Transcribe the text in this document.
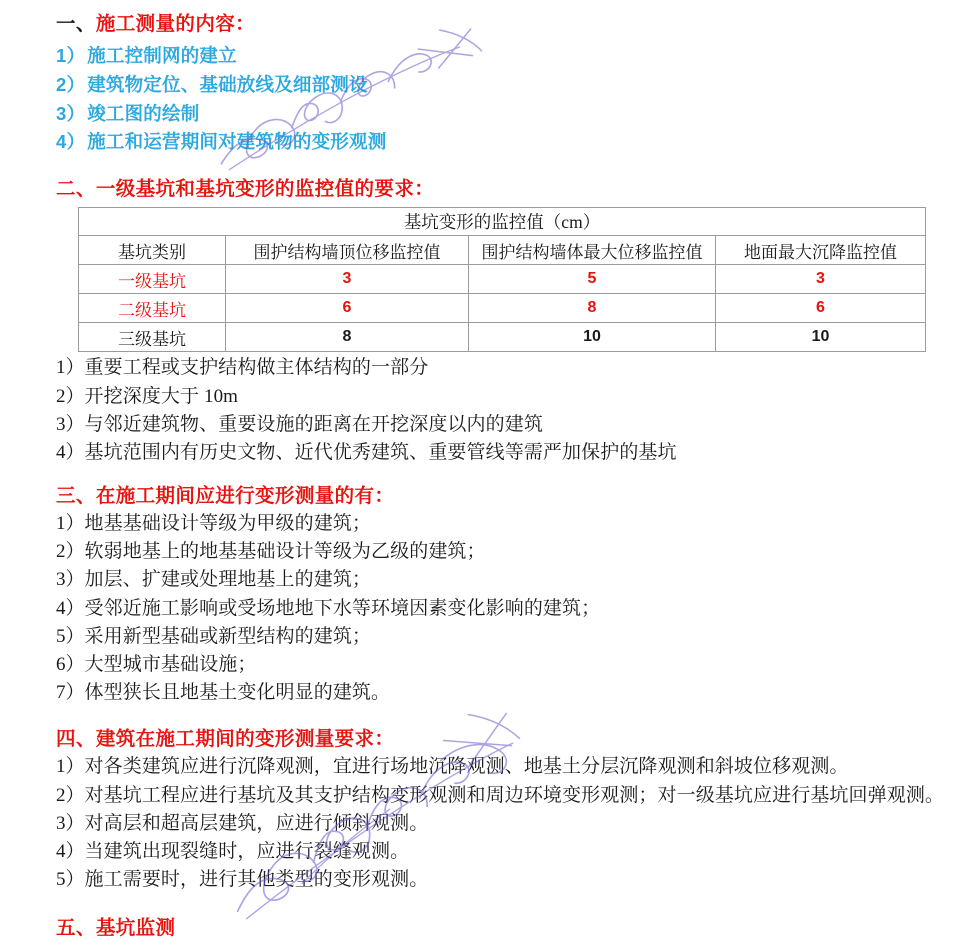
一、施工测量的内容：
1） 施工控制网的建立
2） 建筑物定位、基础放线及细部测设
3） 竣工图的绘制
4） 施工和运营期间对建筑物的变形观测
二、一级基坑和基坑变形的监控值的要求：
基坑变形的监控值（cm）			
基坑类别	围护结构墙顶位移监控值	围护结构墙体最大位移监控值	地面最大沉降监控值
一级基坑	3	5	3
二级基坑	6	8	6
三级基坑	8	10	10
1）重要工程或支护结构做主体结构的一部分
2）开挖深度大于 10m
3）与邻近建筑物、重要设施的距离在开挖深度以内的建筑
4）基坑范围内有历史文物、近代优秀建筑、重要管线等需严加保护的基坑
三、在施工期间应进行变形测量的有：
1）地基基础设计等级为甲级的建筑；
2）软弱地基上的地基基础设计等级为乙级的建筑；
3）加层、扩建或处理地基上的建筑；
4）受邻近施工影响或受场地地下水等环境因素变化影响的建筑；
5）采用新型基础或新型结构的建筑；
6）大型城市基础设施；
7）体型狭长且地基土变化明显的建筑。
四、建筑在施工期间的变形测量要求：
1）对各类建筑应进行沉降观测，宜进行场地沉降观测、地基土分层沉降观测和斜坡位移观测。
2）对基坑工程应进行基坑及其支护结构变形观测和周边环境变形观测；对一级基坑应进行基坑回弹观测。
3）对高层和超高层建筑，应进行倾斜观测。
4）当建筑出现裂缝时，应进行裂缝观测。
5）施工需要时，进行其他类型的变形观测。
五、基坑监测
